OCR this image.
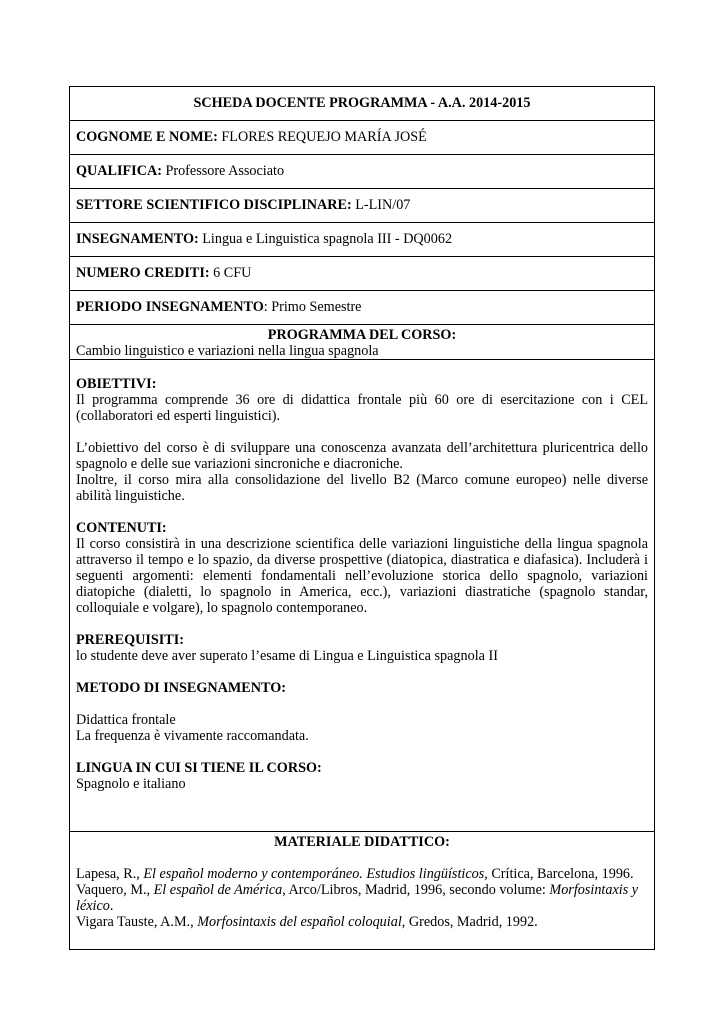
SCHEDA DOCENTE PROGRAMMA - A.A. 2014-2015
COGNOME E NOME: FLORES REQUEJO MARÍA JOSÉ
QUALIFICA: Professore Associato
SETTORE SCIENTIFICO DISCIPLINARE: L-LIN/07
INSEGNAMENTO: Lingua e Linguistica spagnola III - DQ0062
NUMERO CREDITI: 6 CFU
PERIODO INSEGNAMENTO: Primo Semestre

PROGRAMMA DEL CORSO:

Cambio linguistico e variazioni nella lingua spagnola

OBIETTIVI:

Il programma comprende 36 ore di didattica frontale più 60 ore di esercitazione con i CEL (collaboratori ed esperti linguistici).

L’obiettivo del corso è di sviluppare una conoscenza avanzata dell’architettura pluricentrica dello spagnolo e delle sue variazioni sincroniche e diacroniche.

Inoltre, il corso mira alla consolidazione del livello B2 (Marco comune europeo) nelle diverse abilità linguistiche.

CONTENUTI:

Il corso consistirà in una descrizione scientifica delle variazioni linguistiche della lingua spagnola attraverso il tempo e lo spazio, da diverse prospettive (diatopica, diastratica e diafasica). Includerà i seguenti argomenti: elementi fondamentali nell’evoluzione storica dello spagnolo, variazioni diatopiche (dialetti, lo spagnolo in America, ecc.), variazioni diastratiche (spagnolo standar, colloquiale e volgare), lo spagnolo contemporaneo.

PREREQUISITI:

lo studente deve aver superato l’esame di Lingua e Linguistica spagnola II

METODO DI INSEGNAMENTO:

Didattica frontale

La frequenza è vivamente raccomandata.

LINGUA IN CUI SI TIENE IL CORSO:

Spagnolo e italiano

MATERIALE DIDATTICO:

Lapesa, R., El español moderno y contemporáneo. Estudios lingüísticos, Crítica, Barcelona, 1996.

Vaquero, M., El español de América, Arco/Libros, Madrid, 1996, secondo volume: Morfosintaxis y léxico.

Vigara Tauste, A.M., Morfosintaxis del español coloquial, Gredos, Madrid, 1992.
